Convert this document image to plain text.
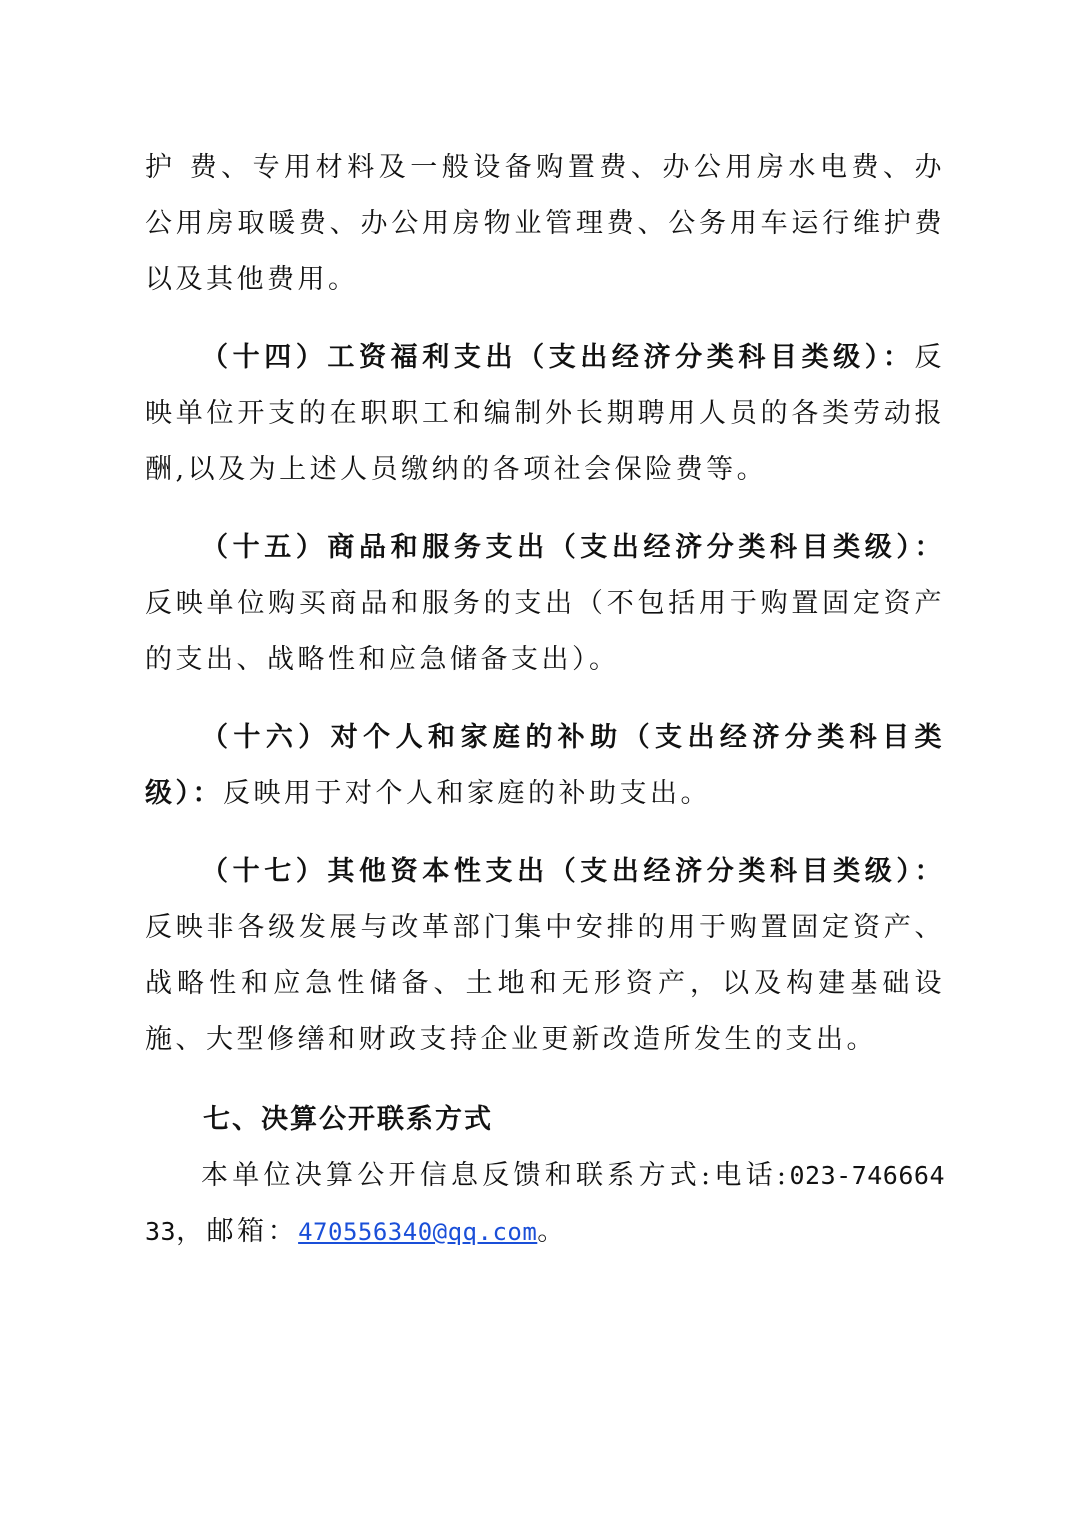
护 费、专用材料及一般设备购置费、办公用房水电费、办公用房取暖费、办公用房物业管理费、公务用车运行维护费以及其他费用。

（十四）工资福利支出（支出经济分类科目类级）：反映单位开支的在职职工和编制外长期聘用人员的各类劳动报酬,以及为上述人员缴纳的各项社会保险费等。

（十五）商品和服务支出（支出经济分类科目类级）：反映单位购买商品和服务的支出（不包括用于购置固定资产的支出、战略性和应急储备支出）。

（十六）对个人和家庭的补助（支出经济分类科目类级）：反映用于对个人和家庭的补助支出。

（十七）其他资本性支出（支出经济分类科目类级）：反映非各级发展与改革部门集中安排的用于购置固定资产、战略性和应急性储备、土地和无形资产，以及构建基础设施、大型修缮和财政支持企业更新改造所发生的支出。

七、决算公开联系方式

本单位决算公开信息反馈和联系方式:电话:023-74666433，邮箱：470556340@qq.com。
